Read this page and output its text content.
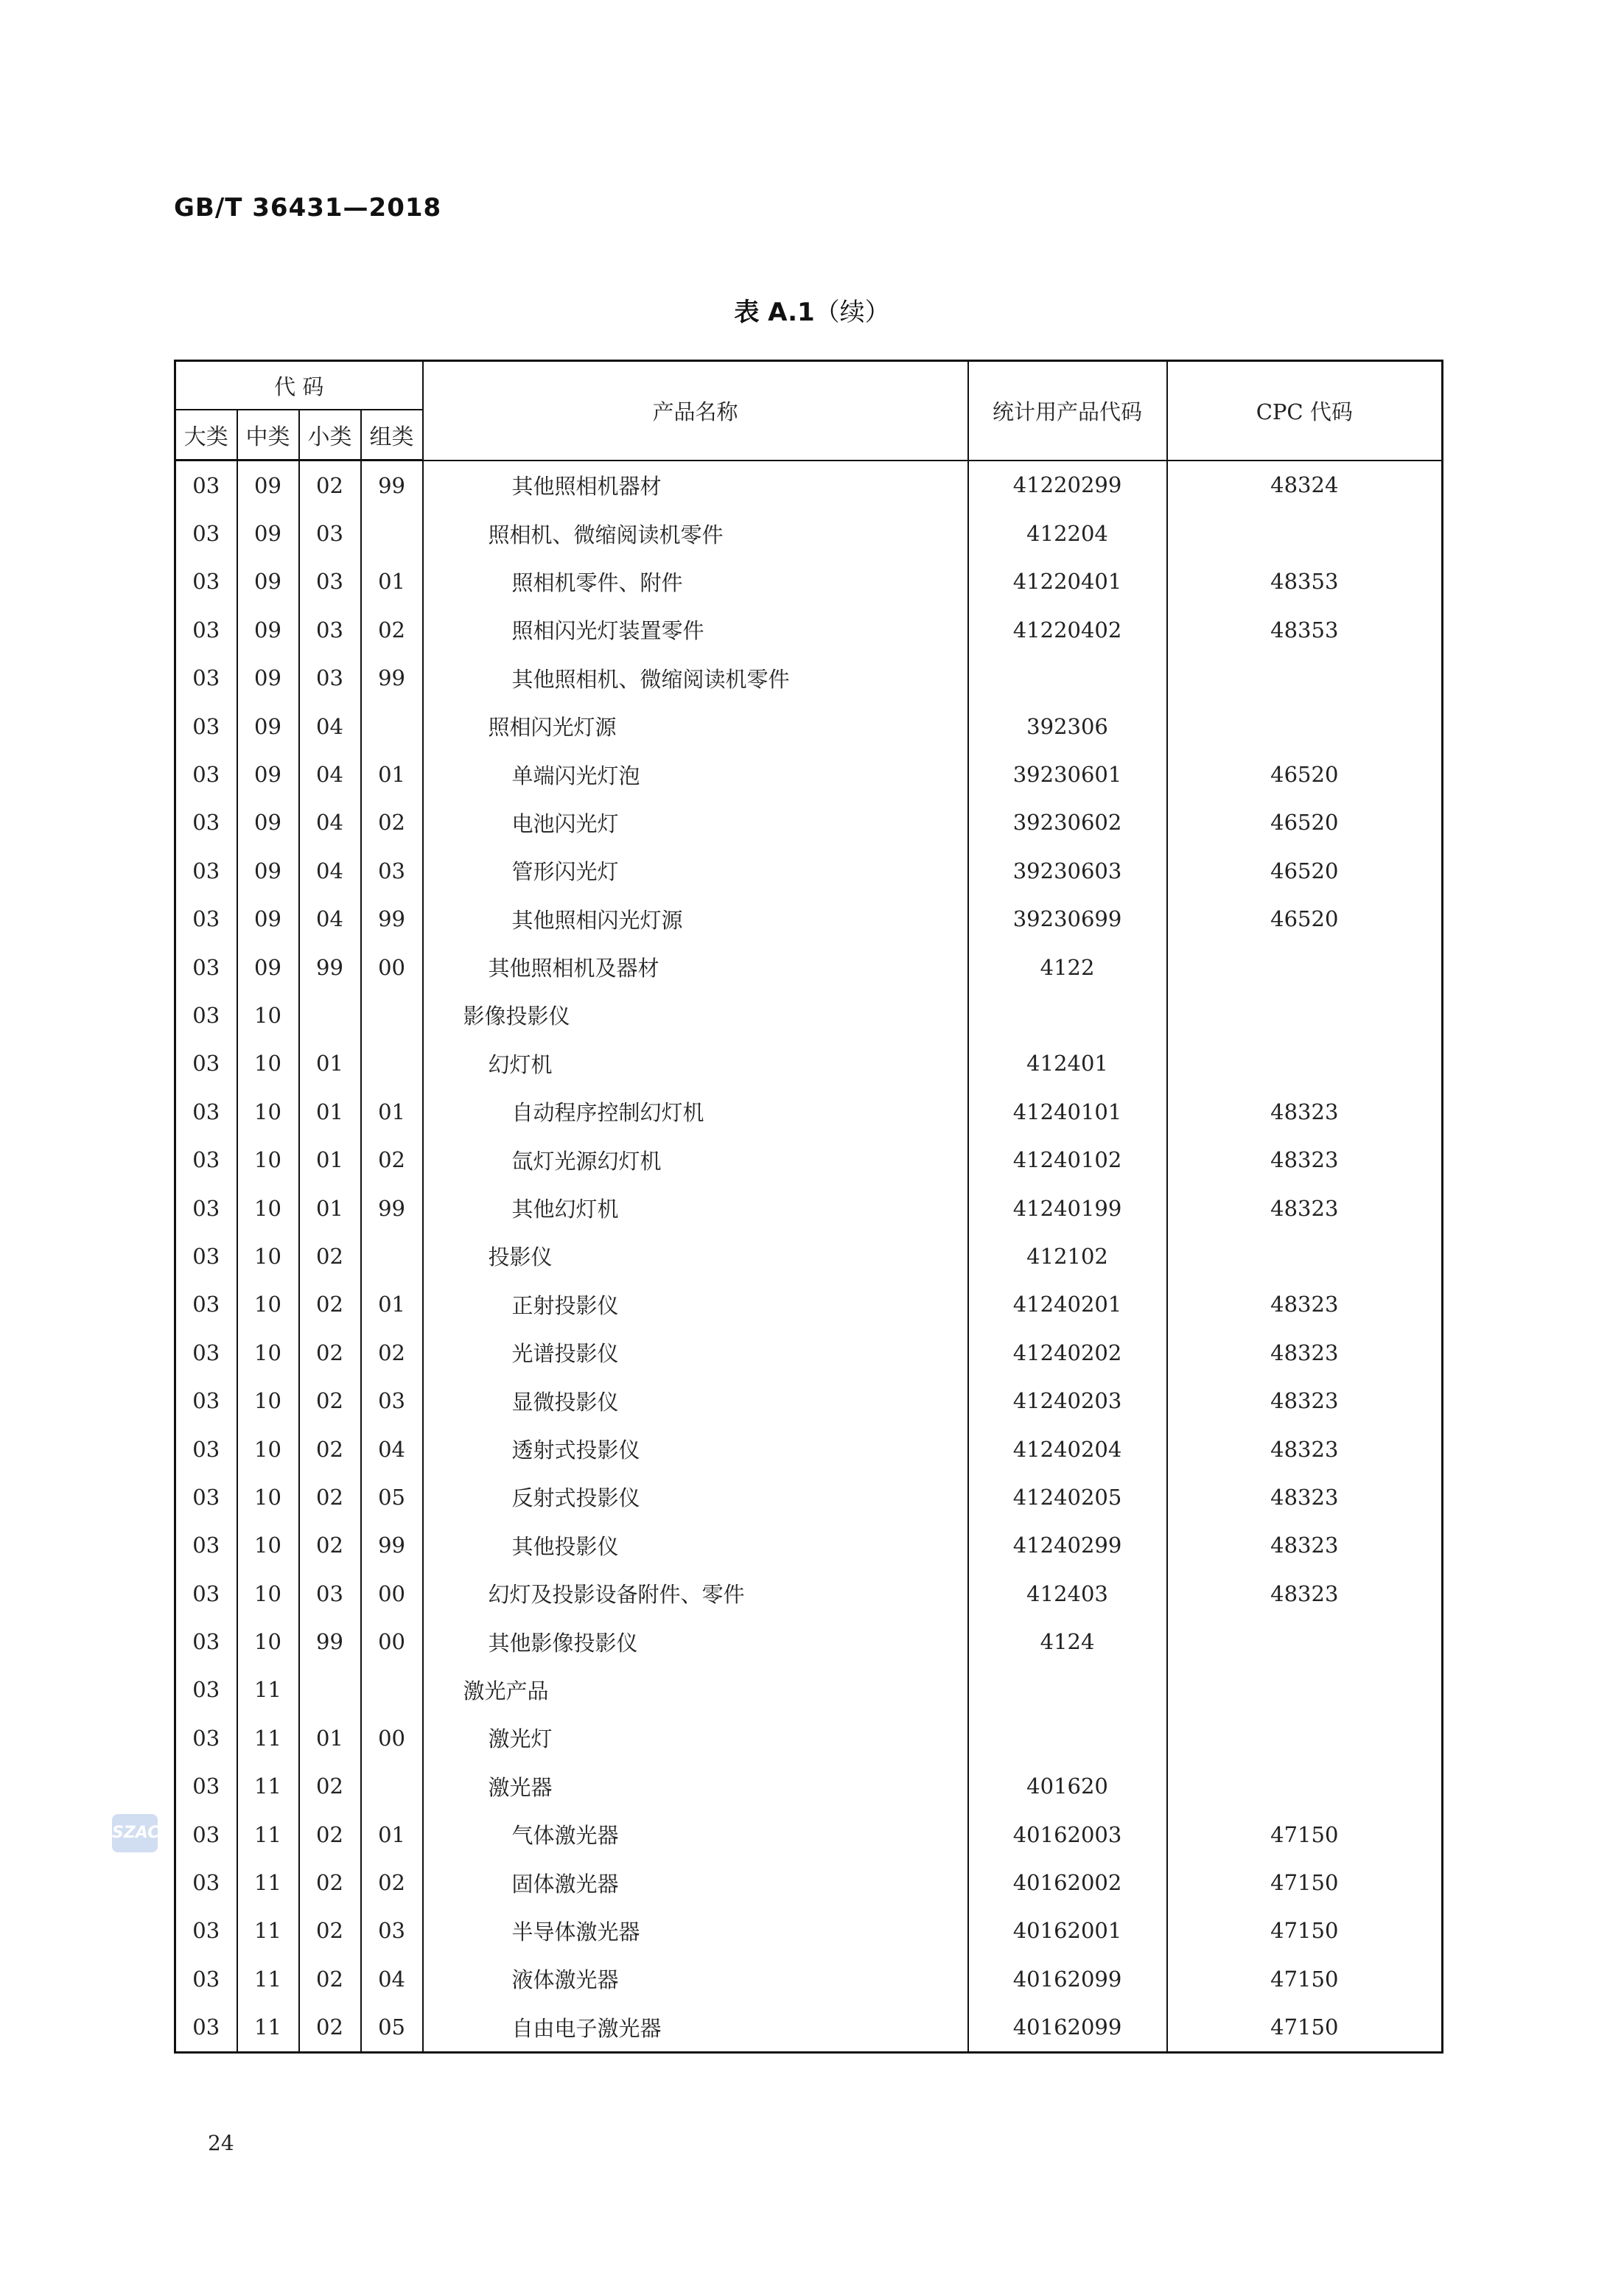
GB/T 36431—2018
表 A.1（续）
代 码				产品名称	统计用产品代码	CPC 代码
大类	中类	小类	组类			
03	09	02	99	其他照相机器材	41220299	48324
03	09	03		照相机、微缩阅读机零件	412204	
03	09	03	01	照相机零件、附件	41220401	48353
03	09	03	02	照相闪光灯装置零件	41220402	48353
03	09	03	99	其他照相机、微缩阅读机零件		
03	09	04		照相闪光灯源	392306	
03	09	04	01	单端闪光灯泡	39230601	46520
03	09	04	02	电池闪光灯	39230602	46520
03	09	04	03	管形闪光灯	39230603	46520
03	09	04	99	其他照相闪光灯源	39230699	46520
03	09	99	00	其他照相机及器材	4122	
03	10			影像投影仪		
03	10	01		幻灯机	412401	
03	10	01	01	自动程序控制幻灯机	41240101	48323
03	10	01	02	氙灯光源幻灯机	41240102	48323
03	10	01	99	其他幻灯机	41240199	48323
03	10	02		投影仪	412102	
03	10	02	01	正射投影仪	41240201	48323
03	10	02	02	光谱投影仪	41240202	48323
03	10	02	03	显微投影仪	41240203	48323
03	10	02	04	透射式投影仪	41240204	48323
03	10	02	05	反射式投影仪	41240205	48323
03	10	02	99	其他投影仪	41240299	48323
03	10	03	00	幻灯及投影设备附件、零件	412403	48323
03	10	99	00	其他影像投影仪	4124	
03	11			激光产品		
03	11	01	00	激光灯		
03	11	02		激光器	401620	
03	11	02	01	气体激光器	40162003	47150
03	11	02	02	固体激光器	40162002	47150
03	11	02	03	半导体激光器	40162001	47150
03	11	02	04	液体激光器	40162099	47150
03	11	02	05	自由电子激光器	40162099	47150
SZAC
24
